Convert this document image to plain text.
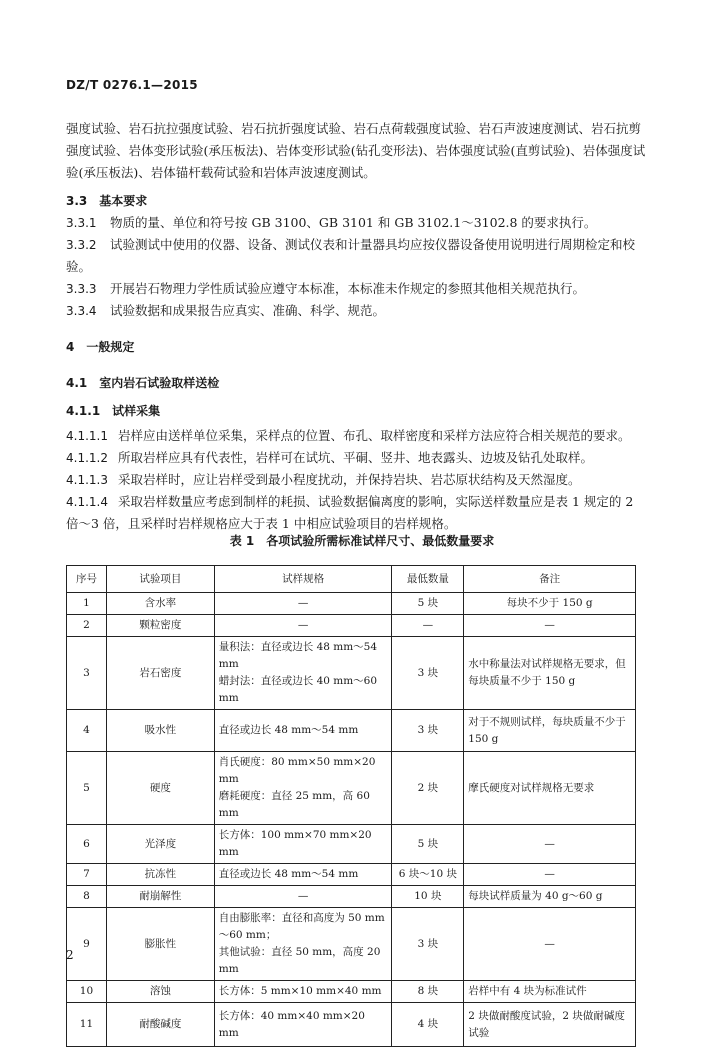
DZ/T 0276.1—2015
强度试验、岩石抗拉强度试验、岩石抗折强度试验、岩石点荷载强度试验、岩石声波速度测试、岩石抗剪强度试验、岩体变形试验(承压板法)、岩体变形试验(钻孔变形法)、岩体强度试验(直剪试验)、岩体强度试验(承压板法)、岩体锚杆载荷试验和岩体声波速度测试。
3.3　基本要求
3.3.1 物质的量、单位和符号按 GB 3100、GB 3101 和 GB 3102.1～3102.8 的要求执行。
3.3.2 试验测试中使用的仪器、设备、测试仪表和计量器具均应按仪器设备使用说明进行周期检定和校验。
3.3.3 开展岩石物理力学性质试验应遵守本标准，本标准未作规定的参照其他相关规范执行。
3.3.4 试验数据和成果报告应真实、准确、科学、规范。
4　一般规定
4.1　室内岩石试验取样送检
4.1.1　试样采集
4.1.1.1 岩样应由送样单位采集，采样点的位置、布孔、取样密度和采样方法应符合相关规范的要求。
4.1.1.2 所取岩样应具有代表性，岩样可在试坑、平硐、竖井、地表露头、边坡及钻孔处取样。
4.1.1.3 采取岩样时，应让岩样受到最小程度扰动，并保持岩块、岩芯原状结构及天然湿度。
4.1.1.4 采取岩样数量应考虑到制样的耗损、试验数据偏离度的影响，实际送样数量应是表 1 规定的 2 倍～3 倍，且采样时岩样规格应大于表 1 中相应试验项目的岩样规格。
表 1　各项试验所需标准试样尺寸、最低数量要求
序号	试验项目	试样规格	最低数量	备注
1	含水率	—	5 块	每块不少于 150 g
2	颗粒密度	—	—	—
3	岩石密度	量积法：直径或边长 48 mm～54 mm
蜡封法：直径或边长 40 mm～60 mm	3 块	水中称量法对试样规格无要求，但每块质量不少于 150 g
4	吸水性	直径或边长 48 mm～54 mm	3 块	对于不规则试样，每块质量不少于 150 g
5	硬度	肖氏硬度：80 mm×50 mm×20 mm
磨耗硬度：直径 25 mm，高 60 mm	2 块	摩氏硬度对试样规格无要求
6	光泽度	长方体：100 mm×70 mm×20 mm	5 块	—
7	抗冻性	直径或边长 48 mm～54 mm	6 块～10 块	—
8	耐崩解性	—	10 块	每块试样质量为 40 g～60 g
9	膨胀性	自由膨胀率：直径和高度为 50 mm～60 mm；
其他试验：直径 50 mm，高度 20 mm	3 块	—
10	溶蚀	长方体：5 mm×10 mm×40 mm	8 块	岩样中有 4 块为标准试件
11	耐酸碱度	长方体：40 mm×40 mm×20 mm	4 块	2 块做耐酸度试验，2 块做耐碱度试验
2
